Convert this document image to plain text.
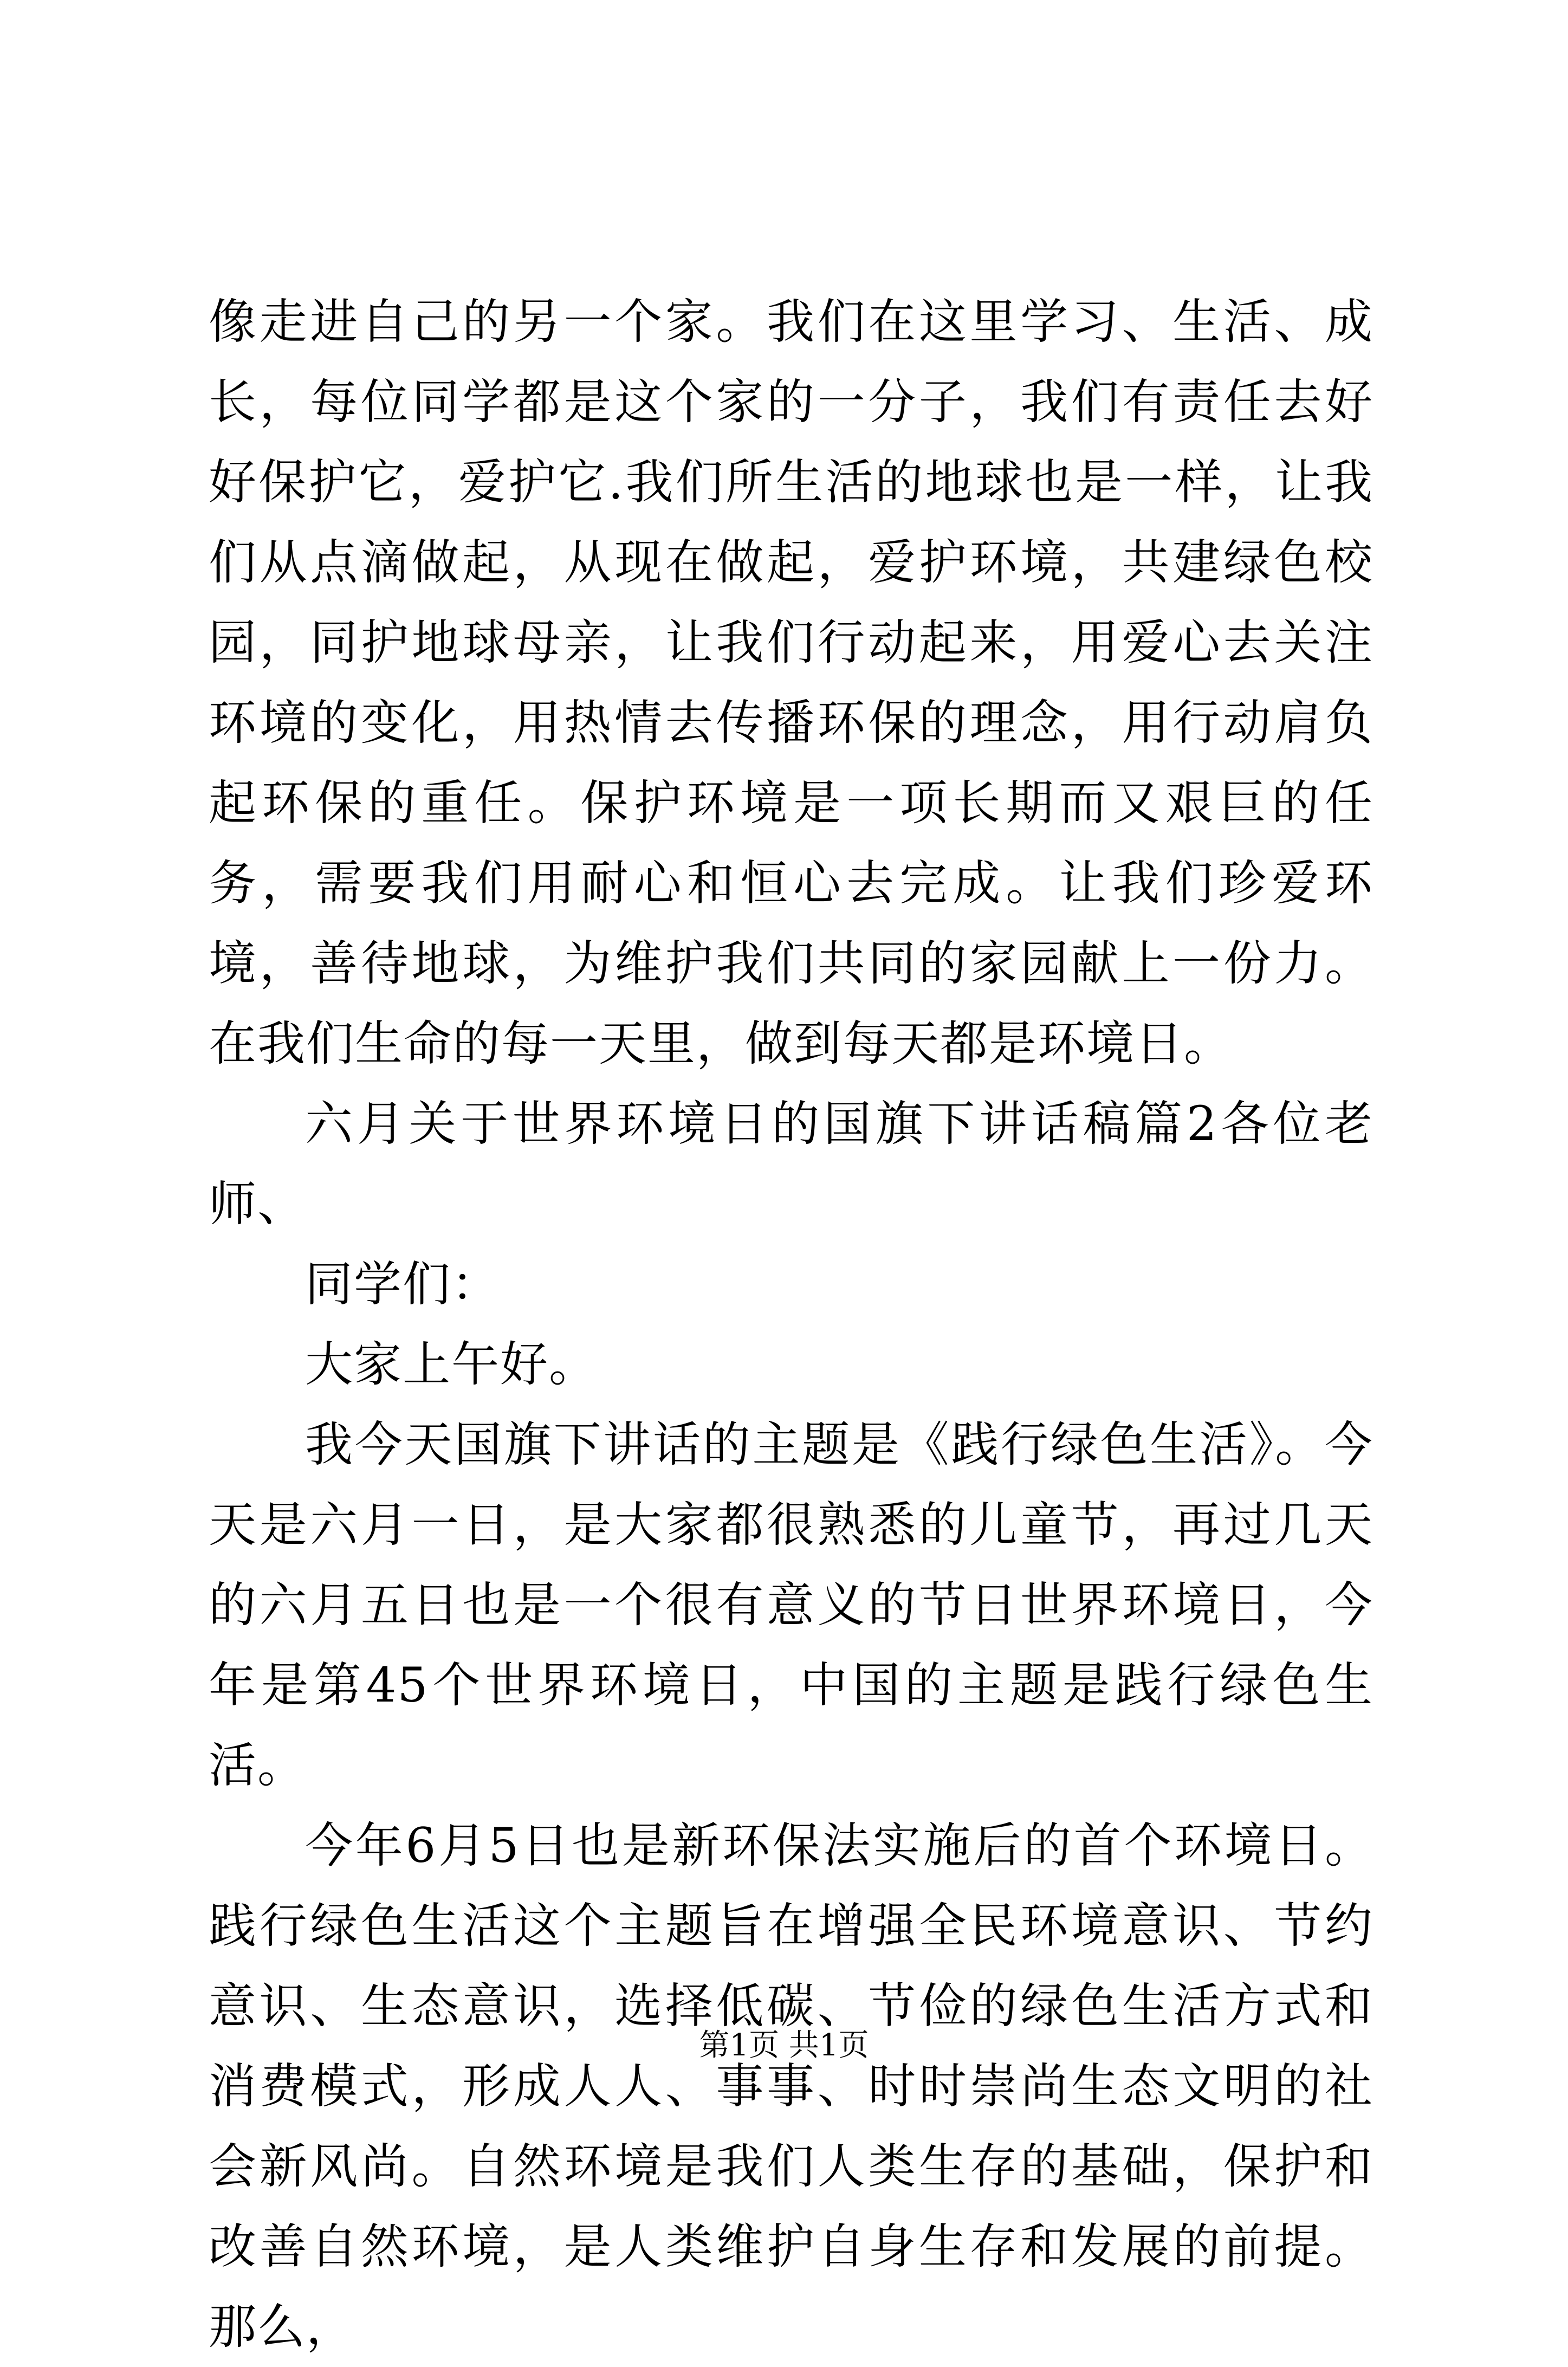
像走进自己的另一个家。我们在这里学习、生活、成长，每位同学都是这个家的一分子，我们有责任去好好保护它，爱护它.我们所生活的地球也是一样，让我们从点滴做起，从现在做起，爱护环境，共建绿色校园，同护地球母亲，让我们行动起来，用爱心去关注环境的变化，用热情去传播环保的理念，用行动肩负起环保的重任。保护环境是一项长期而又艰巨的任务，需要我们用耐心和恒心去完成。让我们珍爱环境，善待地球，为维护我们共同的家园献上一份力。在我们生命的每一天里，做到每天都是环境日。

六月关于世界环境日的国旗下讲话稿篇2各位老师、

同学们：

大家上午好。

我今天国旗下讲话的主题是《践行绿色生活》。今天是六月一日，是大家都很熟悉的儿童节，再过几天的六月五日也是一个很有意义的节日世界环境日，今年是第45个世界环境日，中国的主题是践行绿色生活。

今年6月5日也是新环保法实施后的首个环境日。践行绿色生活这个主题旨在增强全民环境意识、节约意识、生态意识，选择低碳、节俭的绿色生活方式和消费模式，形成人人、事事、时时崇尚生态文明的社会新风尚。自然环境是我们人类生存的基础，保护和改善自然环境，是人类维护自身生存和发展的前提。那么，

第1页 共1页
